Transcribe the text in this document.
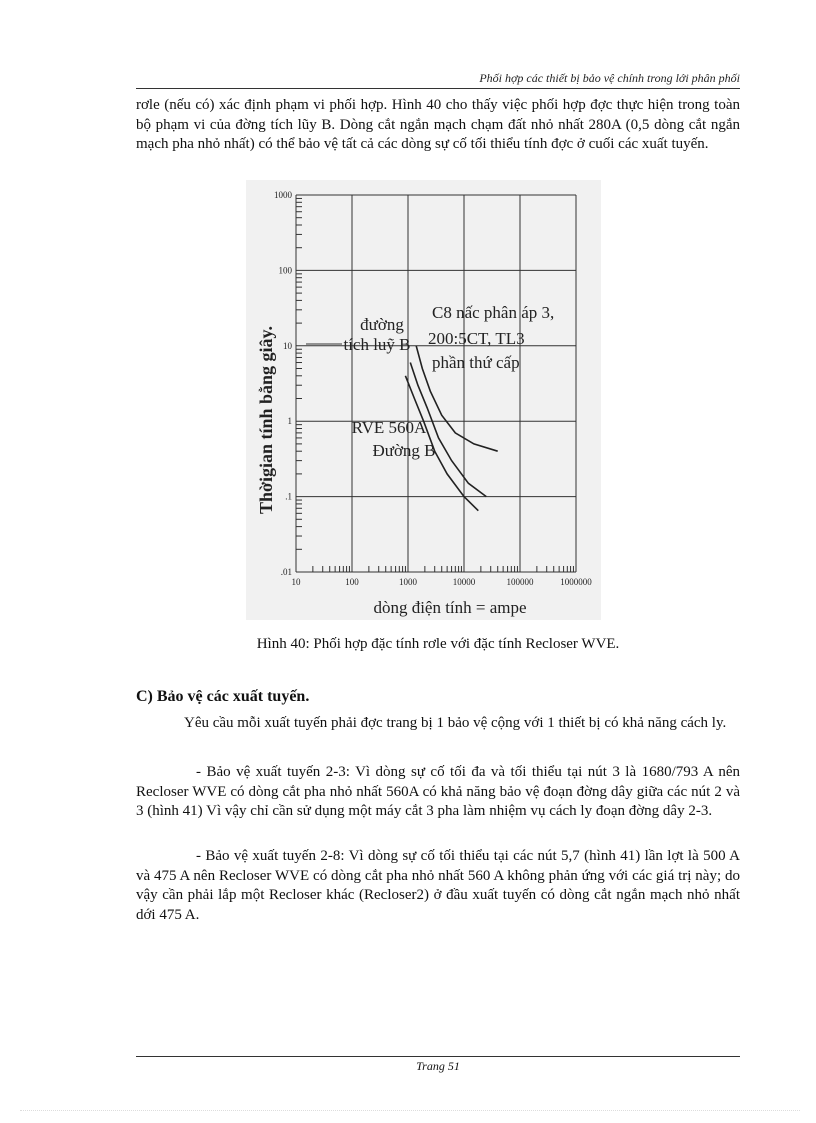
Phối hợp các thiết bị bảo vệ chính trong lới phân phối

rơle (nếu có) xác định phạm vi phối hợp. Hình 40 cho thấy việc phối hợp đợc thực hiện trong toàn bộ phạm vi của đờng tích lũy B. Dòng cắt ngắn mạch chạm đất nhỏ nhất 280A (0,5 dòng cắt ngắn mạch pha nhỏ nhất) có thể bảo vệ tất cả các dòng sự cố tối thiểu tính đợc ở cuối các xuất tuyến.

10	100	1000	10000	100000	1000000
1000
100
10
1
.1
.01
Thờigian tính bằng giây.
dòng điện tính = ampe
đường
tích luỹ B
C8 nấc phân áp 3,
200:5CT, TL3
phần thứ cấp
RVE 560A
Đường B
Hình 40: Phối hợp đặc tính rơle với đặc tính Recloser WVE.
C) Bảo vệ các xuất tuyến.

Yêu cầu mỗi xuất tuyến phải đợc trang bị 1 bảo vệ cộng với 1 thiết bị có khả năng cách ly.

- Bảo vệ xuất tuyến 2-3: Vì dòng sự cố tối đa và tối thiểu tại nút 3 là 1680/793 A nên Recloser WVE có dòng cắt pha nhỏ nhất 560A có khả năng bảo vệ đoạn đờng dây giữa các nút 2 và 3 (hình 41) Vì vậy chỉ cần sử dụng một máy cắt 3 pha làm nhiệm vụ cách ly đoạn đờng dây 2-3.

- Bảo vệ xuất tuyến 2-8: Vì dòng sự cố tối thiểu tại các nút 5,7 (hình 41) lần lợt là 500 A và 475 A nên Recloser WVE có dòng cắt pha nhỏ nhất 560 A không phản ứng với các giá trị này; do vậy cần phải lắp một Recloser khác (Recloser2) ở đầu xuất tuyến có dòng cắt ngắn mạch nhỏ nhất dới 475 A.

Trang 51
